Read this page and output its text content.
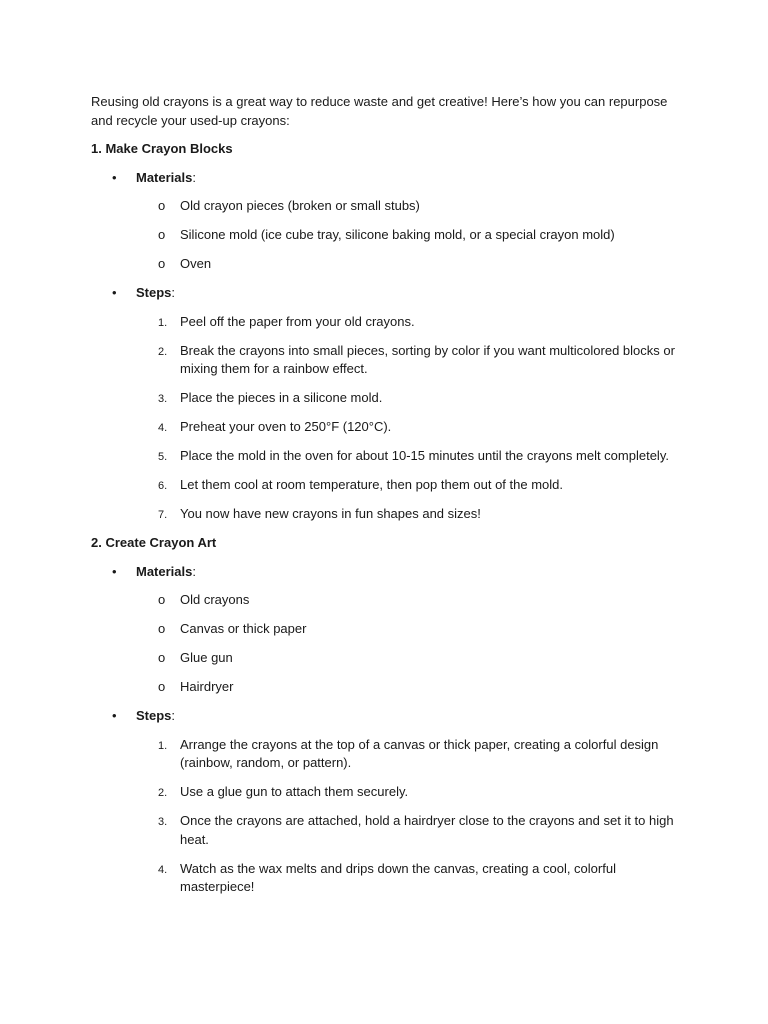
Reusing old crayons is a great way to reduce waste and get creative! Here’s how you can repurpose and recycle your used-up crayons:

1. Make Crayon Blocks
• Materials:
o Old crayon pieces (broken or small stubs)
o Silicone mold (ice cube tray, silicone baking mold, or a special crayon mold)
o Oven
• Steps:
1. Peel off the paper from your old crayons.
2. Break the crayons into small pieces, sorting by color if you want multicolored blocks or mixing them for a rainbow effect.
3. Place the pieces in a silicone mold.
4. Preheat your oven to 250°F (120°C).
5. Place the mold in the oven for about 10-15 minutes until the crayons melt completely.
6. Let them cool at room temperature, then pop them out of the mold.
7. You now have new crayons in fun shapes and sizes!
2. Create Crayon Art
• Materials:
o Old crayons
o Canvas or thick paper
o Glue gun
o Hairdryer
• Steps:
1. Arrange the crayons at the top of a canvas or thick paper, creating a colorful design (rainbow, random, or pattern).
2. Use a glue gun to attach them securely.
3. Once the crayons are attached, hold a hairdryer close to the crayons and set it to high heat.
4. Watch as the wax melts and drips down the canvas, creating a cool, colorful masterpiece!
